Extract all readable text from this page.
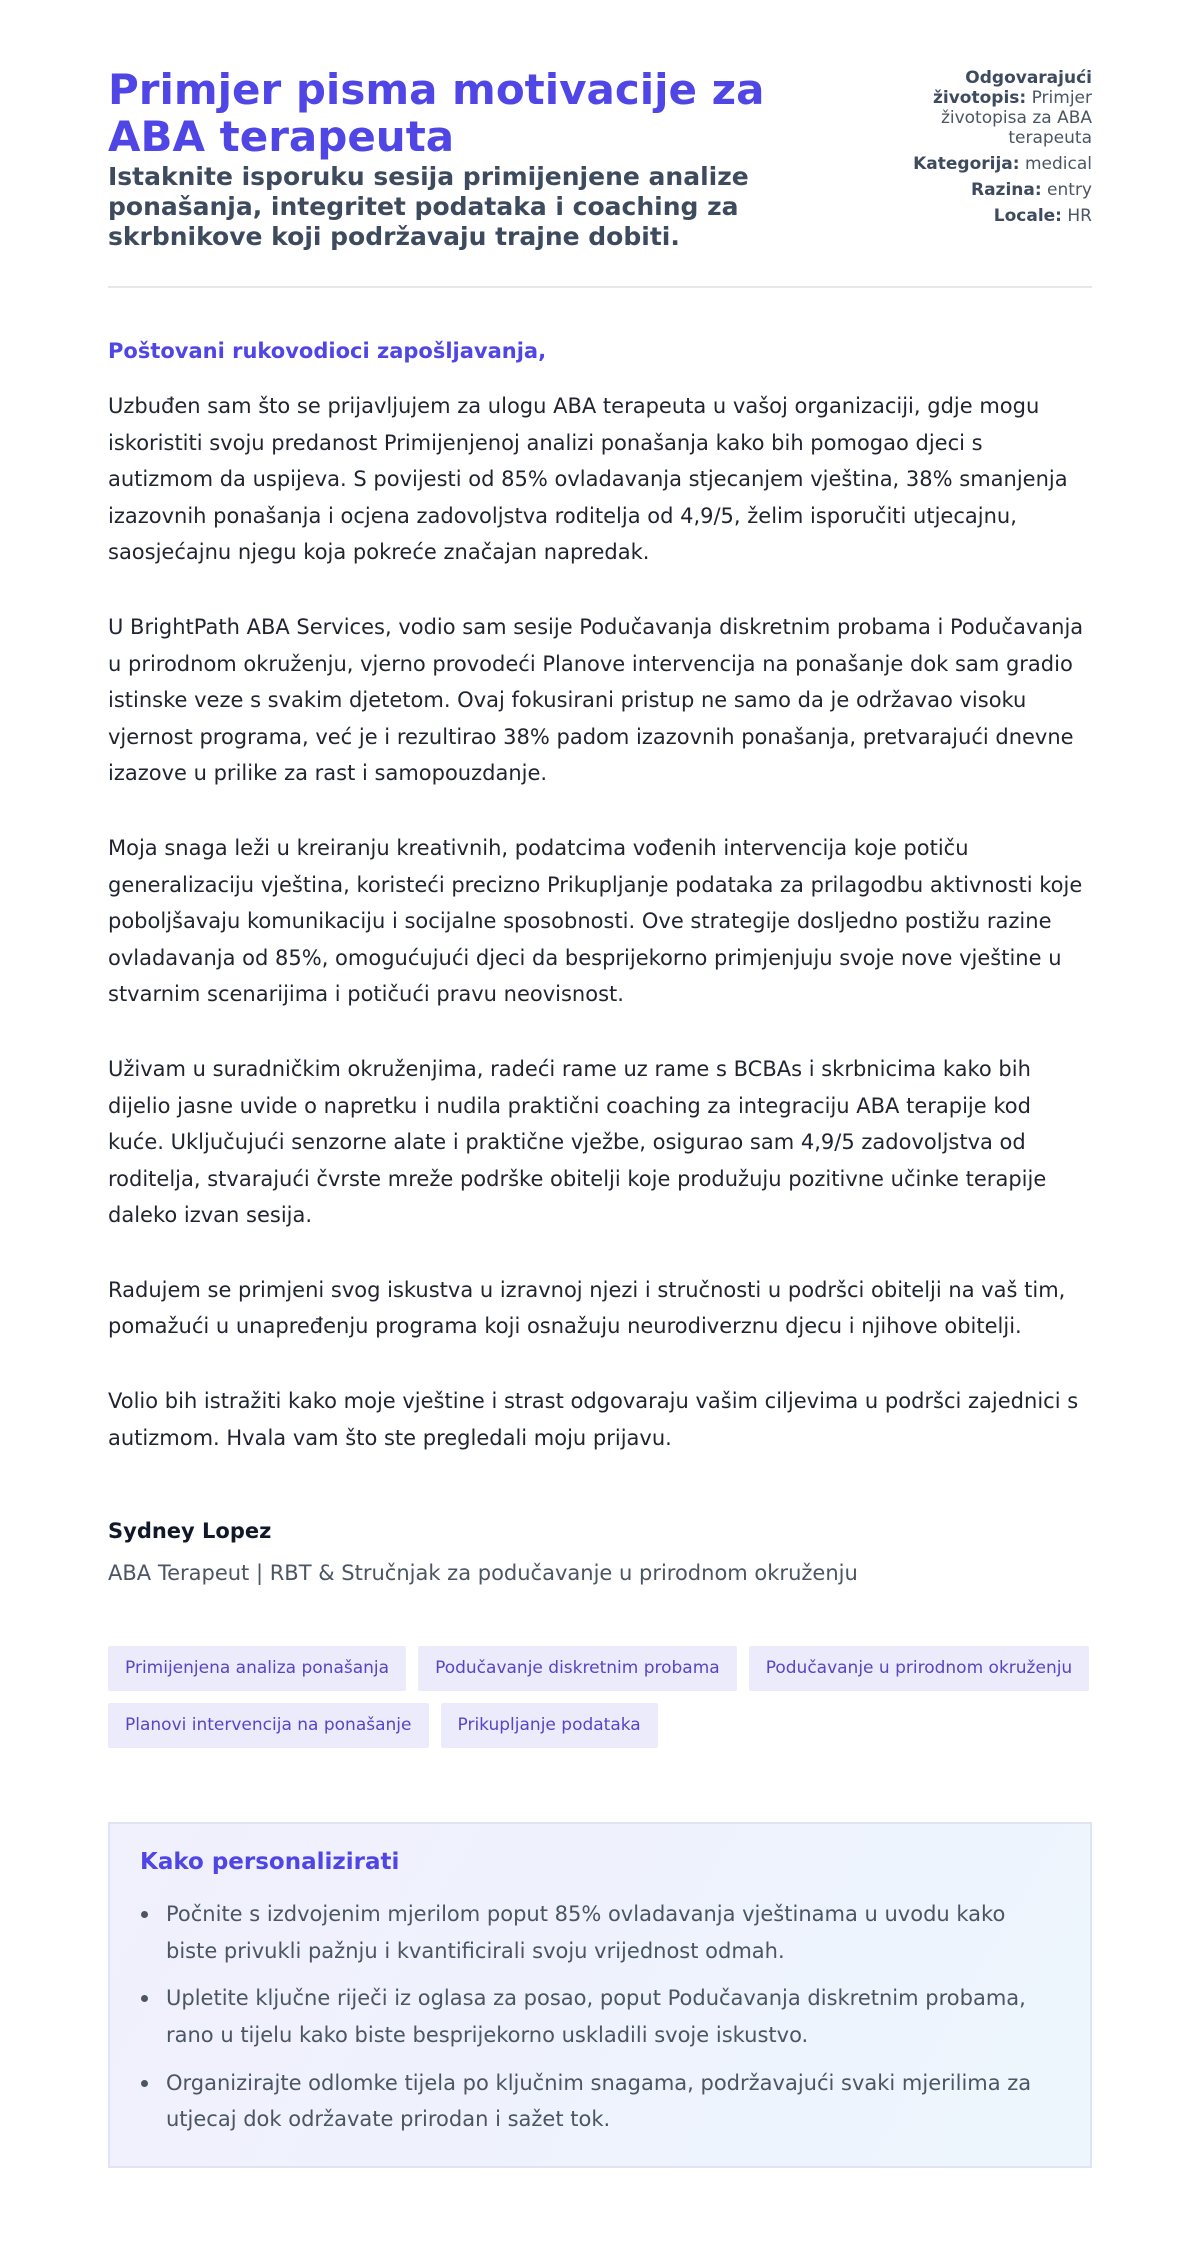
Primjer pisma motivacije za ABA terapeuta
Istaknite isporuku sesija primijenjene analize ponašanja, integritet podataka i coaching za skrbnikove koji podržavaju trajne dobiti.
Odgovarajući životopis: Primjer životopisa za ABA terapeuta
Kategorija: medical
Razina: entry
Locale: HR

Poštovani rukovodioci zapošljavanja,

Uzbuđen sam što se prijavljujem za ulogu ABA terapeuta u vašoj organizaciji, gdje mogu iskoristiti svoju predanost Primijenjenoj analizi ponašanja kako bih pomogao djeci s autizmom da uspijeva. S povijesti od 85% ovladavanja stjecanjem vještina, 38% smanjenja izazovnih ponašanja i ocjena zadovoljstva roditelja od 4,9/5, želim isporučiti utjecajnu, saosjećajnu njegu koja pokreće značajan napredak.

U BrightPath ABA Services, vodio sam sesije Podučavanja diskretnim probama i Podučavanja u prirodnom okruženju, vjerno provodeći Planove intervencija na ponašanje dok sam gradio istinske veze s svakim djetetom. Ovaj fokusirani pristup ne samo da je održavao visoku vjernost programa, već je i rezultirao 38% padom izazovnih ponašanja, pretvarajući dnevne izazove u prilike za rast i samopouzdanje.

Moja snaga leži u kreiranju kreativnih, podatcima vođenih intervencija koje potiču generalizaciju vještina, koristeći precizno Prikupljanje podataka za prilagodbu aktivnosti koje poboljšavaju komunikaciju i socijalne sposobnosti. Ove strategije dosljedno postižu razine ovladavanja od 85%, omogućujući djeci da besprijekorno primjenjuju svoje nove vještine u stvarnim scenarijima i potičući pravu neovisnost.

Uživam u suradničkim okruženjima, radeći rame uz rame s BCBAs i skrbnicima kako bih dijelio jasne uvide o napretku i nudila praktični coaching za integraciju ABA terapije kod kuće. Uključujući senzorne alate i praktične vježbe, osigurao sam 4,9/5 zadovoljstva od roditelja, stvarajući čvrste mreže podrške obitelji koje produžuju pozitivne učinke terapije daleko izvan sesija.

Radujem se primjeni svog iskustva u izravnoj njezi i stručnosti u podršci obitelji na vaš tim, pomažući u unapređenju programa koji osnažuju neurodiverznu djecu i njihove obitelji.

Volio bih istražiti kako moje vještine i strast odgovaraju vašim ciljevima u podršci zajednici s autizmom. Hvala vam što ste pregledali moju prijavu.

Sydney Lopez
ABA Terapeut | RBT & Stručnjak za podučavanje u prirodnom okruženju
Primijenjena analiza ponašanja	Podučavanje diskretnim probama	Podučavanje u prirodnom okruženju
Planovi intervencija na ponašanje	Prikupljanje podataka
Kako personalizirati
Počnite s izdvojenim mjerilom poput 85% ovladavanja vještinama u uvodu kako biste privukli pažnju i kvantificirali svoju vrijednost odmah.
Upletite ključne riječi iz oglasa za posao, poput Podučavanja diskretnim probama, rano u tijelu kako biste besprijekorno uskladili svoje iskustvo.
Organizirajte odlomke tijela po ključnim snagama, podržavajući svaki mjerilima za utjecaj dok održavate prirodan i sažet tok.
